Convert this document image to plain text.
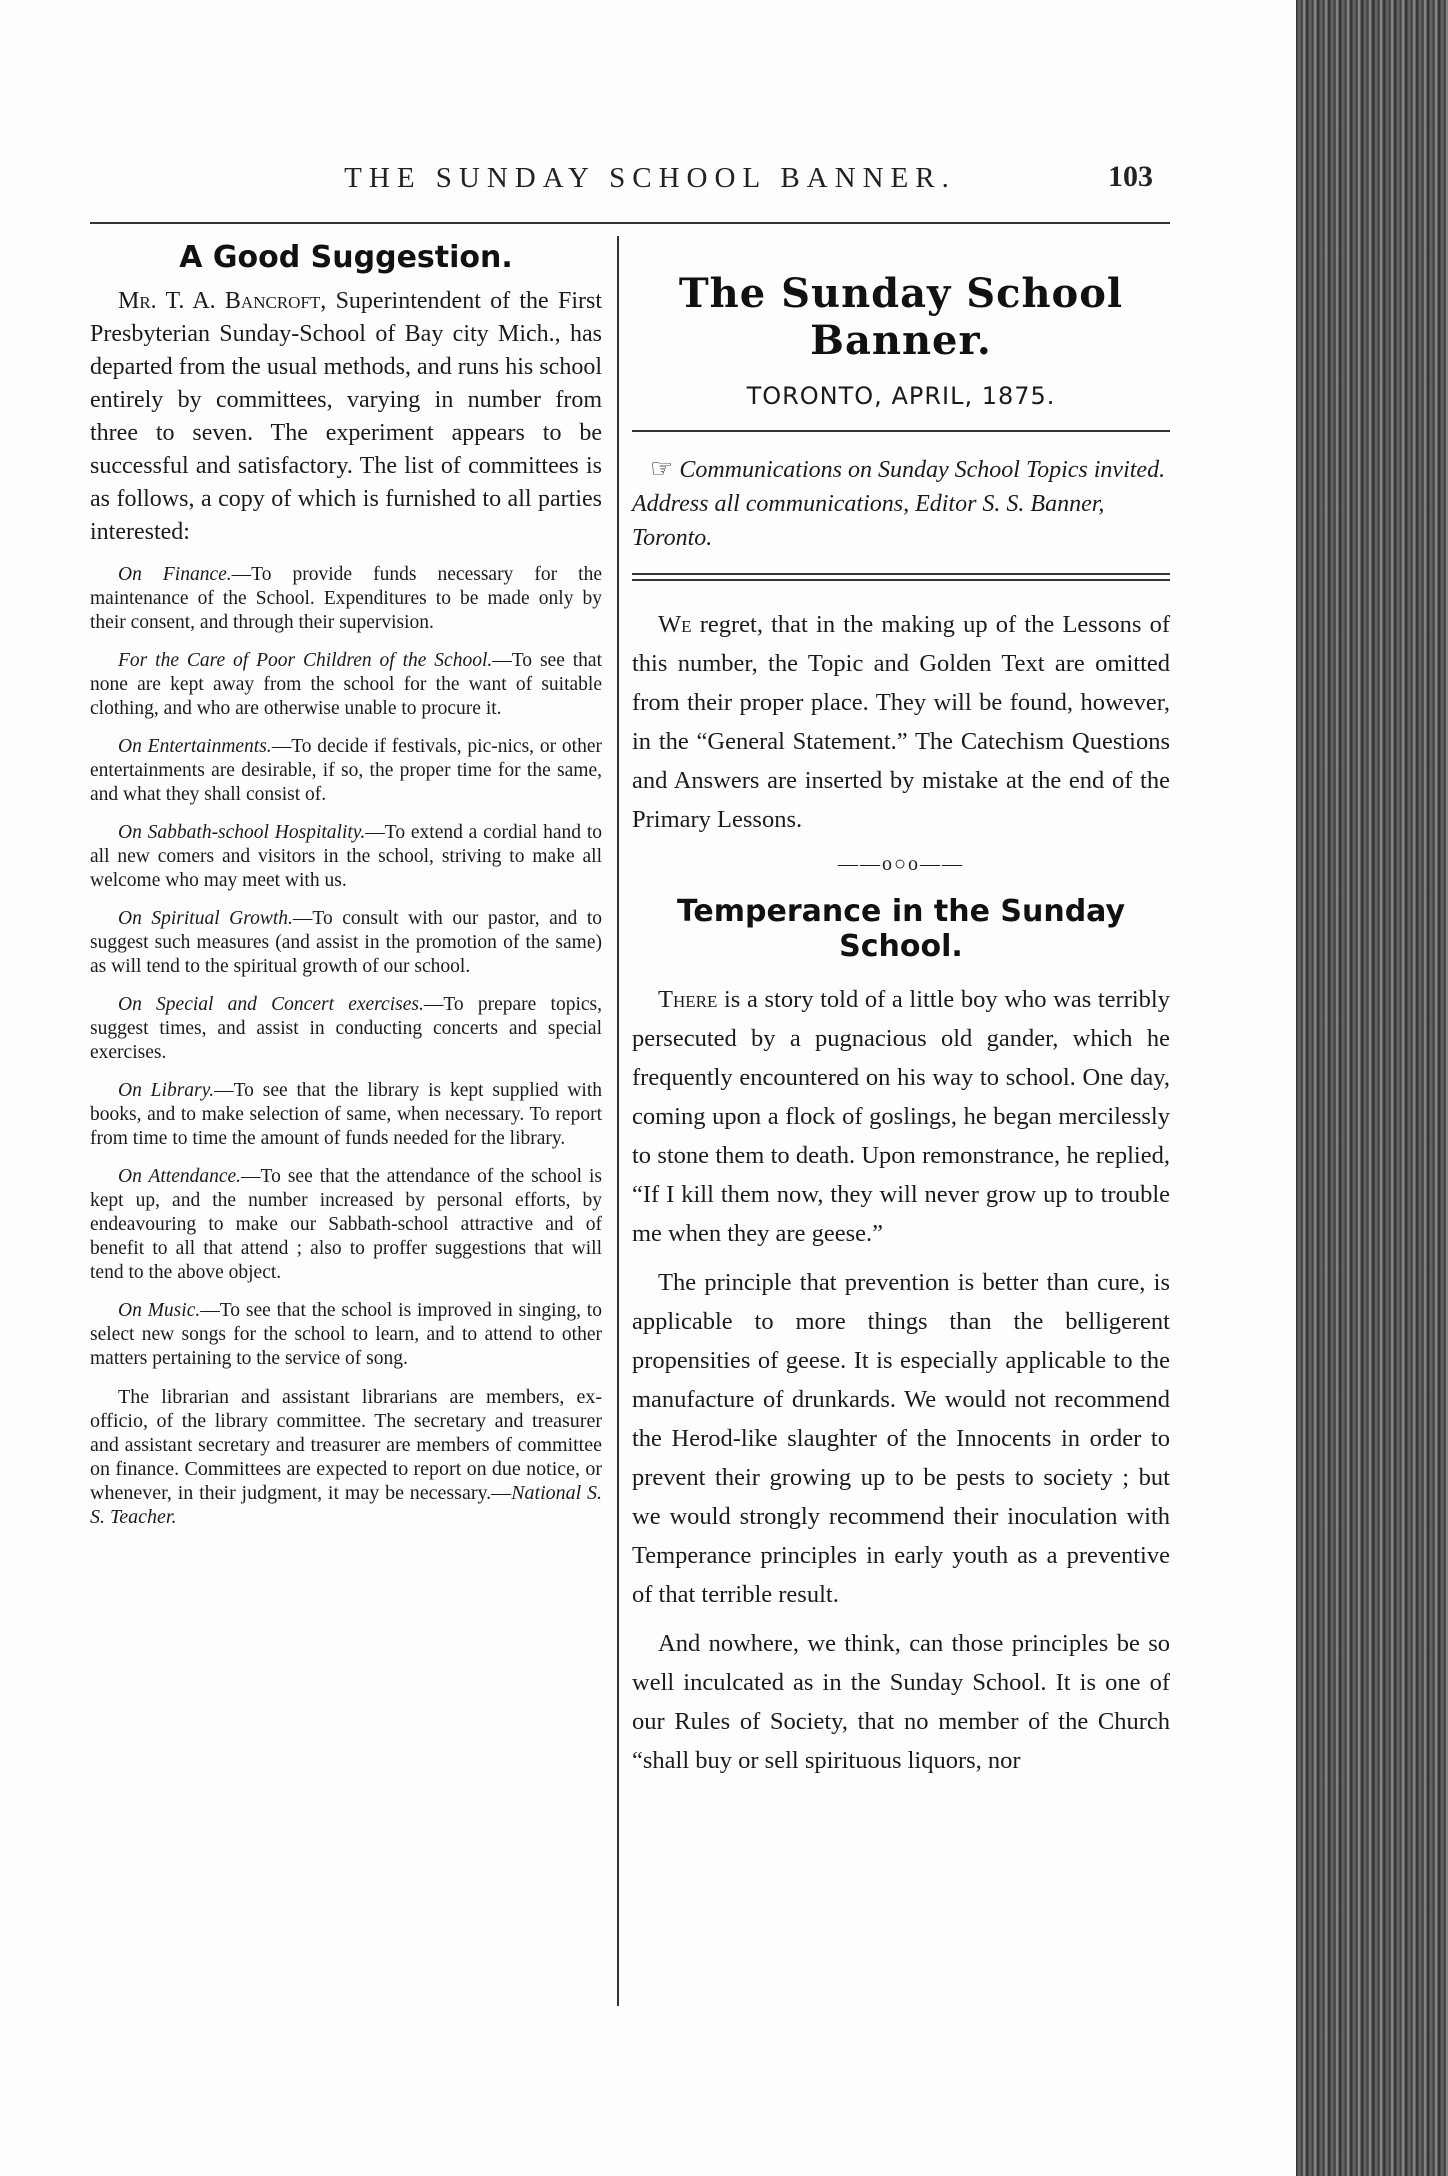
THE SUNDAY SCHOOL BANNER.	103
A Good Suggestion.

Mr. T. A. Bancroft, Superintendent of the First Presbyterian Sunday-School of Bay city Mich., has departed from the usual methods, and runs his school entirely by committees, varying in number from three to seven. The experiment appears to be successful and satisfactory. The list of committees is as follows, a copy of which is furnished to all parties interested:

On Finance.—To provide funds necessary for the maintenance of the School. Expenditures to be made only by their consent, and through their supervision.

For the Care of Poor Children of the School.—To see that none are kept away from the school for the want of suitable clothing, and who are otherwise unable to procure it.

On Entertainments.—To decide if festivals, pic-nics, or other entertainments are desirable, if so, the proper time for the same, and what they shall consist of.

On Sabbath-school Hospitality.—To extend a cordial hand to all new comers and visitors in the school, striving to make all welcome who may meet with us.

On Spiritual Growth.—To consult with our pastor, and to suggest such measures (and assist in the promotion of the same) as will tend to the spiritual growth of our school.

On Special and Concert exercises.—To prepare topics, suggest times, and assist in conducting concerts and special exercises.

On Library.—To see that the library is kept supplied with books, and to make selection of same, when necessary. To report from time to time the amount of funds needed for the library.

On Attendance.—To see that the attendance of the school is kept up, and the number increased by personal efforts, by endeavouring to make our Sabbath-school attractive and of benefit to all that attend ; also to proffer suggestions that will tend to the above object.

On Music.—To see that the school is improved in singing, to select new songs for the school to learn, and to attend to other matters pertaining to the service of song.

The librarian and assistant librarians are members, ex-officio, of the library committee. The secretary and treasurer and assistant secretary and treasurer are members of committee on finance. Committees are expected to report on due notice, or whenever, in their judgment, it may be necessary.—National S. S. Teacher.

The Sunday School Banner.
TORONTO, APRIL, 1875.

☞ Communications on Sunday School Topics invited. Address all communications, Editor S. S. Banner, Toronto.

We regret, that in the making up of the Lessons of this number, the Topic and Golden Text are omitted from their proper place. They will be found, however, in the “General Statement.” The Catechism Questions and Answers are inserted by mistake at the end of the Primary Lessons.

——o○o——
Temperance in the Sunday School.

There is a story told of a little boy who was terribly persecuted by a pugnacious old gander, which he frequently encountered on his way to school. One day, coming upon a flock of goslings, he began mercilessly to stone them to death. Upon remonstrance, he replied, “If I kill them now, they will never grow up to trouble me when they are geese.”

The principle that prevention is better than cure, is applicable to more things than the belligerent propensities of geese. It is especially applicable to the manufacture of drunkards. We would not recommend the Herod-like slaughter of the Innocents in order to prevent their growing up to be pests to society ; but we would strongly recommend their inoculation with Temperance principles in early youth as a preventive of that terrible result.

And nowhere, we think, can those principles be so well inculcated as in the Sunday School. It is one of our Rules of Society, that no member of the Church “shall buy or sell spirituous liquors, nor
